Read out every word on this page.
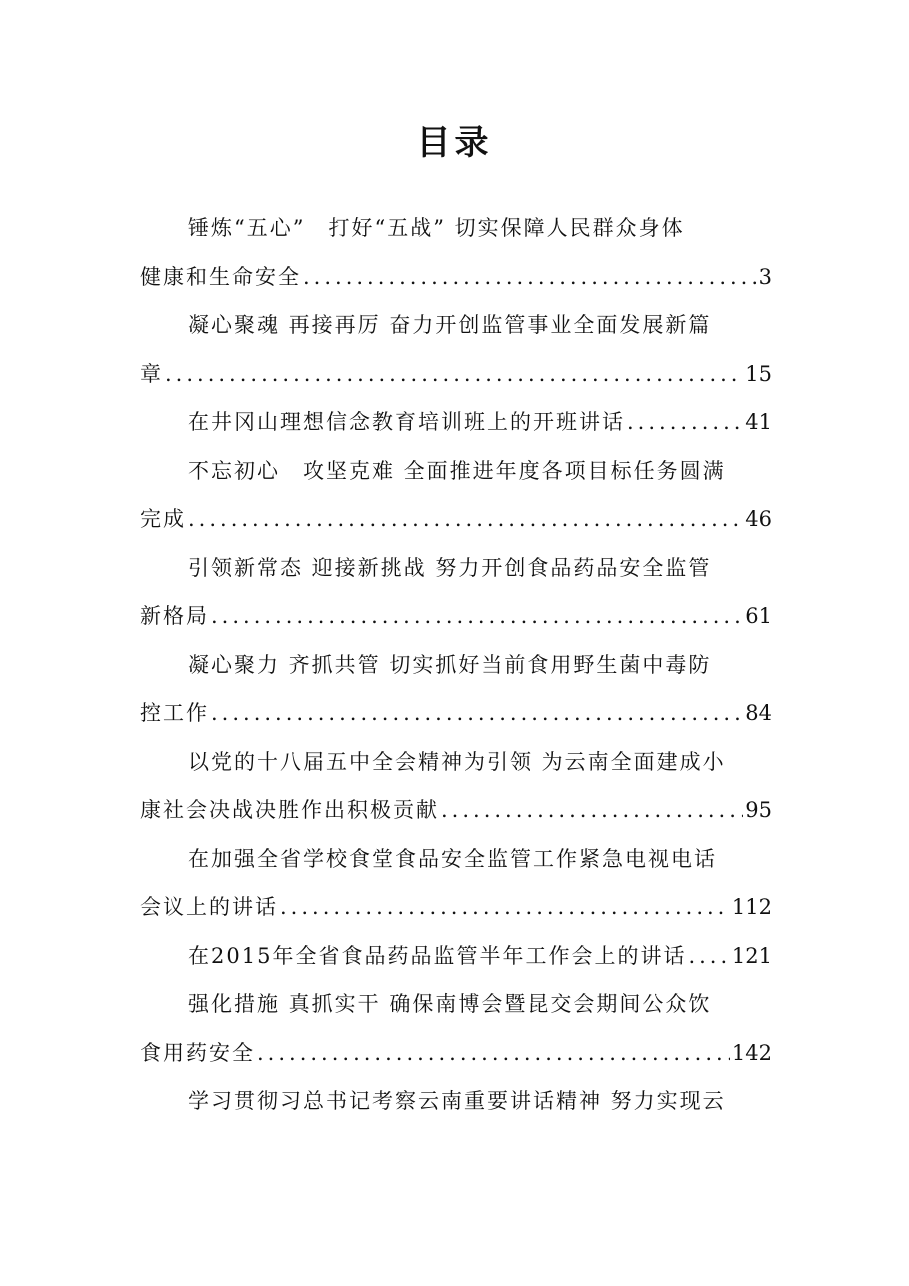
目录
锤炼“五心”　打好“五战” 切实保障人民群众身体
健康和生命安全 .....	3
凝心聚魂 再接再厉 奋力开创监管事业全面发展新篇
章 .....	15
在井冈山理想信念教育培训班上的开班讲话 .....	41
不忘初心　攻坚克难 全面推进年度各项目标任务圆满
完成 .....	46
引领新常态 迎接新挑战 努力开创食品药品安全监管
新格局 .....	61
凝心聚力 齐抓共管 切实抓好当前食用野生菌中毒防
控工作 .....	84
以党的十八届五中全会精神为引领 为云南全面建成小
康社会决战决胜作出积极贡献 .....	95
在加强全省学校食堂食品安全监管工作紧急电视电话
会议上的讲话 .....	112
在2015年全省食品药品监管半年工作会上的讲话 ..... 121
强化措施 真抓实干 确保南博会暨昆交会期间公众饮
食用药安全 .....	142
学习贯彻习总书记考察云南重要讲话精神 努力实现云
